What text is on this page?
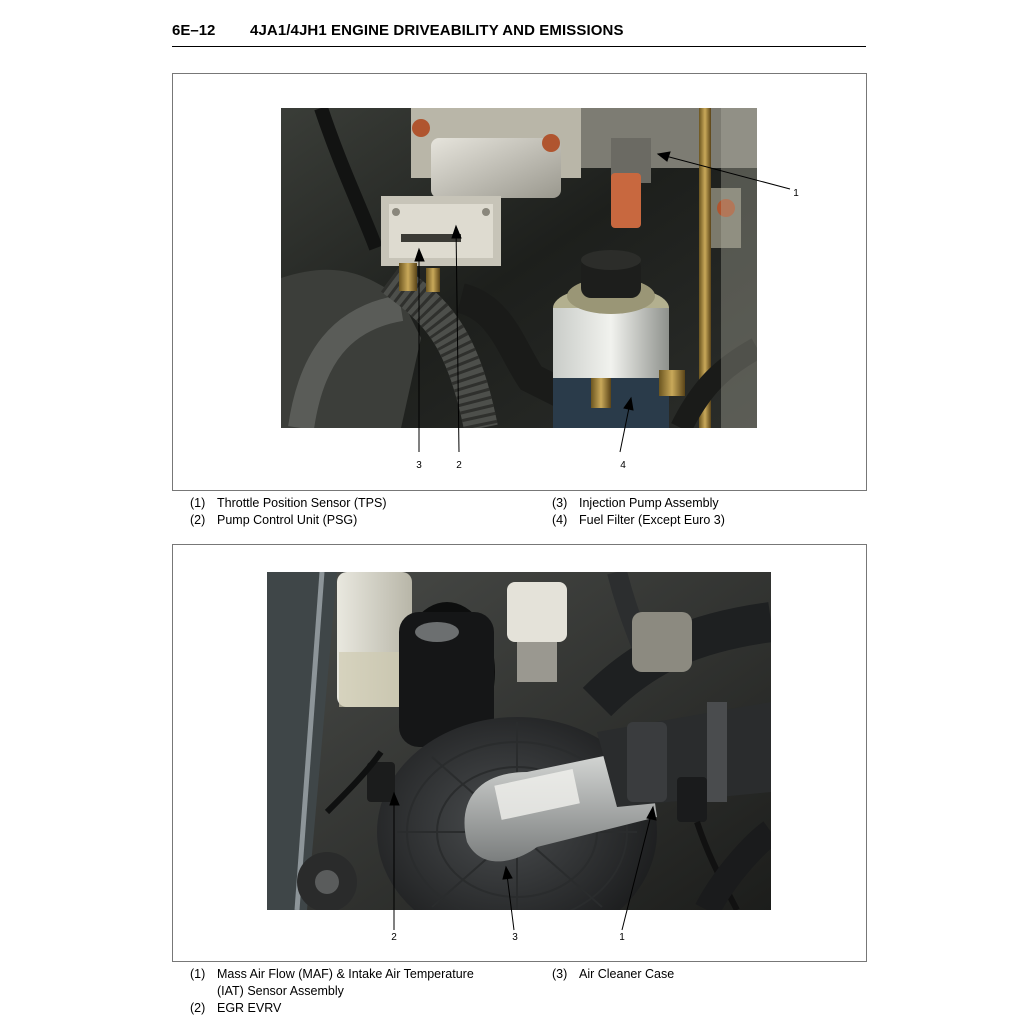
6E–12 4JA1/4JH1 ENGINE DRIVEABILITY AND EMISSIONS
1
2
3	4
(1) Throttle Position Sensor (TPS)
(2) Pump Control Unit (PSG)
(3) Injection Pump Assembly
(4) Fuel Filter (Except Euro 3)
1
2	3
(1) Mass Air Flow (MAF) & Intake Air Temperature
(IAT) Sensor Assembly
(2) EGR EVRV
(3) Air Cleaner Case
